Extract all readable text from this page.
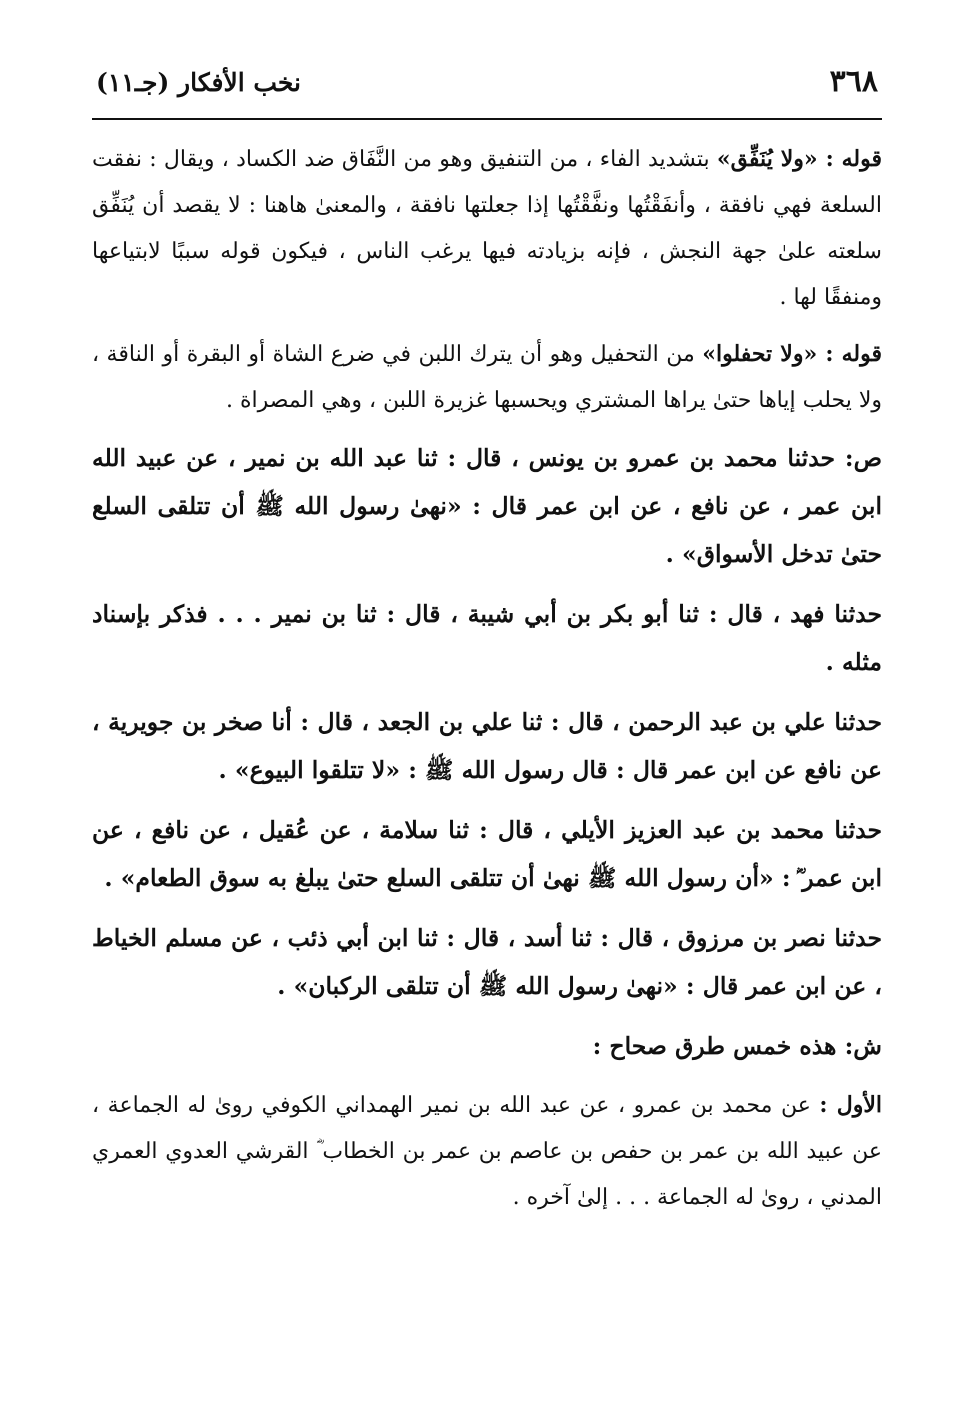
٣٦٨
نخب الأفكار (جـ١١)

قوله : «ولا يُنَفِّق» بتشديد الفاء ، من التنفيق وهو من النَّفَاق ضد الكساد ، ويقال : نفقت السلعة فهي نافقة ، وأنفَقْتُها ونفَّقْتُها إذا جعلتها نافقة ، والمعنىٰ هاهنا : لا يقصد أن يُنَفِّق سلعته علىٰ جهة النجش ، فإنه بزيادته فيها يرغب الناس ، فيكون قوله سببًا لابتياعها ومنفقًا لها .

قوله : «ولا تحفلوا» من التحفيل وهو أن يترك اللبن في ضرع الشاة أو البقرة أو الناقة ، ولا يحلب إياها حتىٰ يراها المشتري ويحسبها غزيرة اللبن ، وهي المصراة .

ص: حدثنا محمد بن عمرو بن يونس ، قال : ثنا عبد الله بن نمير ، عن عبيد الله ابن عمر ، عن نافع ، عن ابن عمر قال : «نهىٰ رسول الله ﷺ أن تتلقى السلع حتىٰ تدخل الأسواق» .

حدثنا فهد ، قال : ثنا أبو بكر بن أبي شيبة ، قال : ثنا بن نمير . . . فذكر بإسناد مثله .

حدثنا علي بن عبد الرحمن ، قال : ثنا علي بن الجعد ، قال : أنا صخر بن جويرية ، عن نافع عن ابن عمر قال : قال رسول الله ﷺ : «لا تتلقوا البيوع» .

حدثنا محمد بن عبد العزيز الأيلي ، قال : ثنا سلامة ، عن عُقيل ، عن نافع ، عن ابن عمر ؓ : «أن رسول الله ﷺ نهىٰ أن تتلقى السلع حتىٰ يبلغ به سوق الطعام» .

حدثنا نصر بن مرزوق ، قال : ثنا أسد ، قال : ثنا ابن أبي ذئب ، عن مسلم الخياط ، عن ابن عمر قال : «نهىٰ رسول الله ﷺ أن تتلقى الركبان» .

ش: هذه خمس طرق صحاح :

الأول : عن محمد بن عمرو ، عن عبد الله بن نمير الهمداني الكوفي روىٰ له الجماعة ، عن عبيد الله بن عمر بن حفص بن عاصم بن عمر بن الخطاب ؓ القرشي العدوي العمري المدني ، روىٰ له الجماعة . . . إلىٰ آخره .
